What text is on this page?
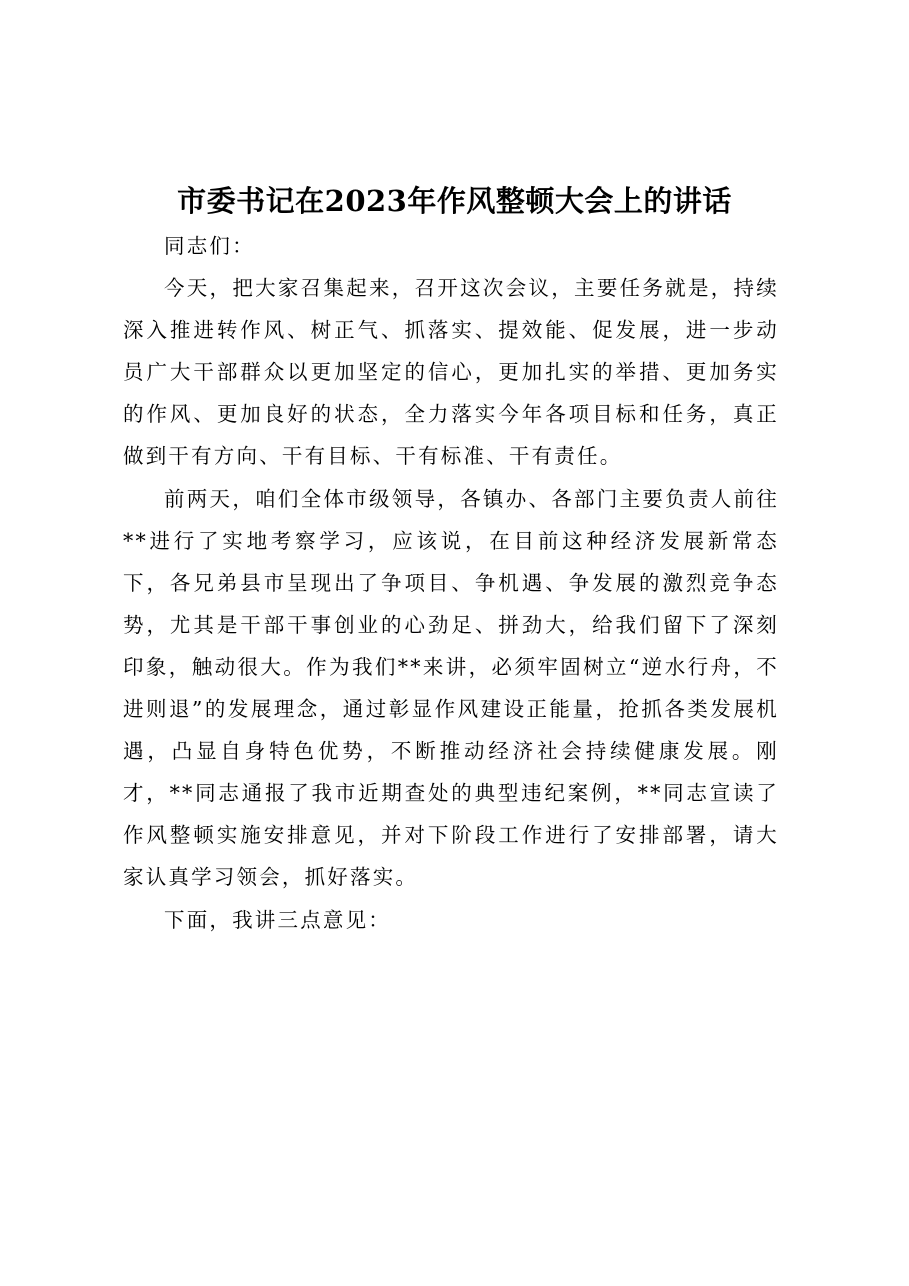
市委书记在2023年作风整顿大会上的讲话

同志们：

今天，把大家召集起来，召开这次会议，主要任务就是，持续深入推进转作风、树正气、抓落实、提效能、促发展，进一步动员广大干部群众以更加坚定的信心，更加扎实的举措、更加务实的作风、更加良好的状态，全力落实今年各项目标和任务，真正做到干有方向、干有目标、干有标准、干有责任。

前两天，咱们全体市级领导，各镇办、各部门主要负责人前往**进行了实地考察学习，应该说，在目前这种经济发展新常态下，各兄弟县市呈现出了争项目、争机遇、争发展的激烈竞争态势，尤其是干部干事创业的心劲足、拼劲大，给我们留下了深刻印象，触动很大。作为我们**来讲，必须牢固树立“逆水行舟，不进则退”的发展理念，通过彰显作风建设正能量，抢抓各类发展机遇，凸显自身特色优势，不断推动经济社会持续健康发展。刚才，**同志通报了我市近期查处的典型违纪案例，**同志宣读了作风整顿实施安排意见，并对下阶段工作进行了安排部署，请大家认真学习领会，抓好落实。

下面，我讲三点意见：
